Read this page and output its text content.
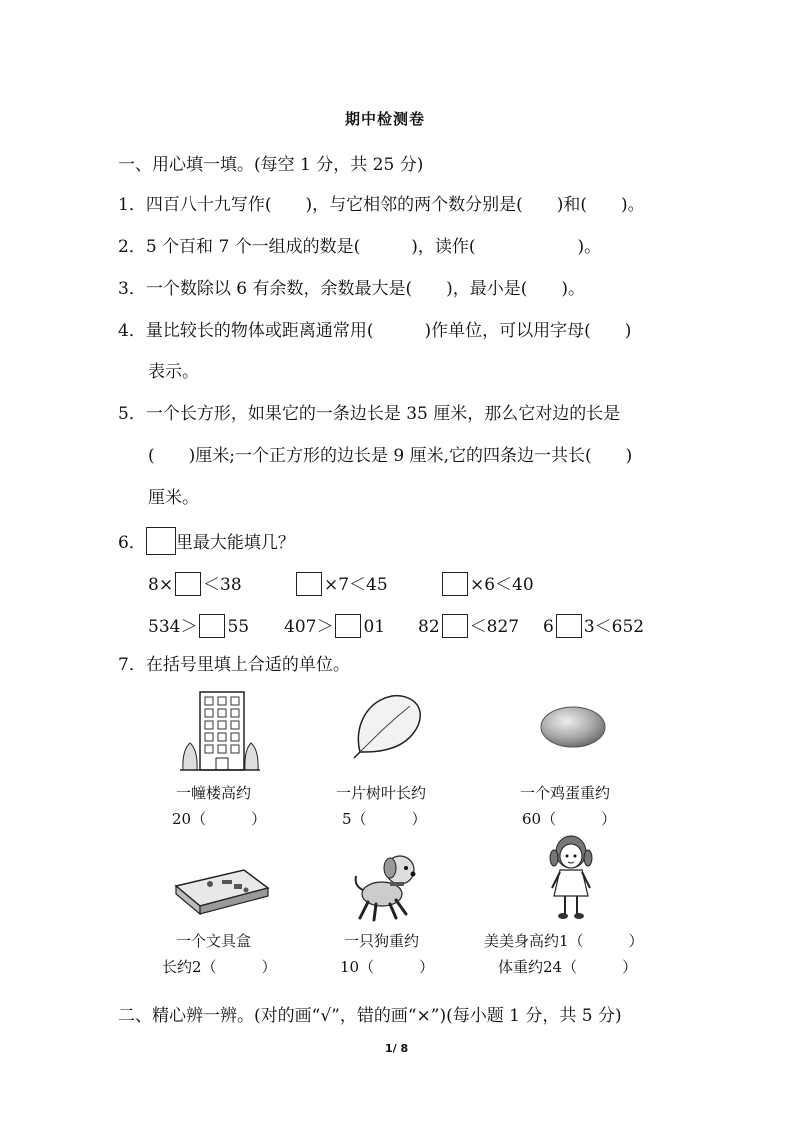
期中检测卷
一、用心填一填。(每空 1 分，共 25 分)
1．四百八十九写作(　　)，与它相邻的两个数分别是(　　)和(　　)。
2．5 个百和 7 个一组成的数是(　　　)，读作(　　　　　　)。
3．一个数除以 6 有余数，余数最大是(　　)，最小是(　　)。
4．量比较长的物体或距离通常用(　　　)作单位，可以用字母(　　)
表示。
5．一个长方形，如果它的一条边长是 35 厘米，那么它对边的长是
(　　)厘米;一个正方形的边长是 9 厘米,它的四条边一共长(　　)
厘米。
6． 里最大能填几？
8× ＜38	×7＜45	×6＜40
534＞ 55 407＞ 01 82 ＜827 6 3＜652
7．在括号里填上合适的单位。
一幢楼高约
20（　　　）
一片树叶长约
5（　　　）
一个鸡蛋重约
60（　　　）
一个文具盒
长约2（　　　）
一只狗重约
10（　　　）
美美身高约1（　　　）
体重约24（　　　）
二、精心辨一辨。(对的画“√”，错的画“×”)(每小题 1 分，共 5 分)
1/ 8
